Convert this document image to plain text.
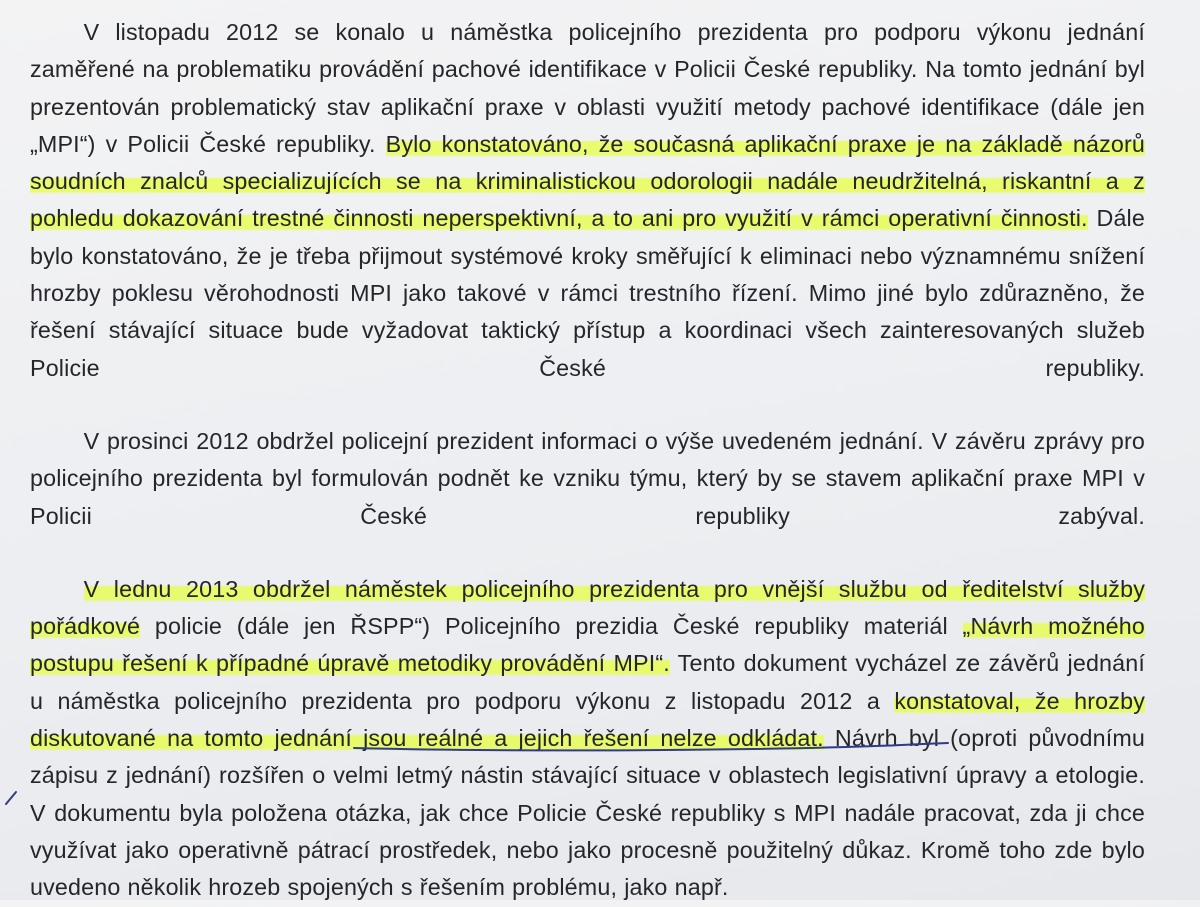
V listopadu 2012 se konalo u náměstka policejního prezidenta pro podporu výkonu jednání zaměřené na problematiku provádění pachové identifikace v Policii České republiky. Na tomto jednání byl prezentován problematický stav aplikační praxe v oblasti využití metody pachové identifikace (dále jen „MPI“) v Policii České republiky. Bylo konstatováno, že současná aplikační praxe je na základě názorů soudních znalců specializujících se na kriminalistickou odorologii nadále neudržitelná, riskantní a z pohledu dokazování trestné činnosti neperspektivní, a to ani pro využití v rámci operativní činnosti. Dále bylo konstatováno, že je třeba přijmout systémové kroky směřující k eliminaci nebo významnému snížení hrozby poklesu věrohodnosti MPI jako takové v rámci trestního řízení. Mimo jiné bylo zdůrazněno, že řešení stávající situace bude vyžadovat taktický přístup a koordinaci všech zainteresovaných služeb Policie České republiky.

V prosinci 2012 obdržel policejní prezident informaci o výše uvedeném jednání. V závěru zprávy pro policejního prezidenta byl formulován podnět ke vzniku týmu, který by se stavem aplikační praxe MPI v Policii České republiky zabýval.

V lednu 2013 obdržel náměstek policejního prezidenta pro vnější službu od ředitelství služby pořádkové policie (dále jen ŘSPP“) Policejního prezidia České republiky materiál „Návrh možného postupu řešení k případné úpravě metodiky provádění MPI“. Tento dokument vycházel ze závěrů jednání u náměstka policejního prezidenta pro podporu výkonu z listopadu 2012 a konstatoval, že hrozby diskutované na tomto jednání jsou reálné a jejich řešení nelze odkládat. Návrh byl (oproti původnímu zápisu z jednání) rozšířen o velmi letmý nástin stávající situace v oblastech legislativní úpravy a etologie. V dokumentu byla položena otázka, jak chce Policie České republiky s MPI nadále pracovat, zda ji chce využívat jako operativně pátrací prostředek, nebo jako procesně použitelný důkaz. Kromě toho zde bylo uvedeno několik hrozeb spojených s řešením problému, jako např.
